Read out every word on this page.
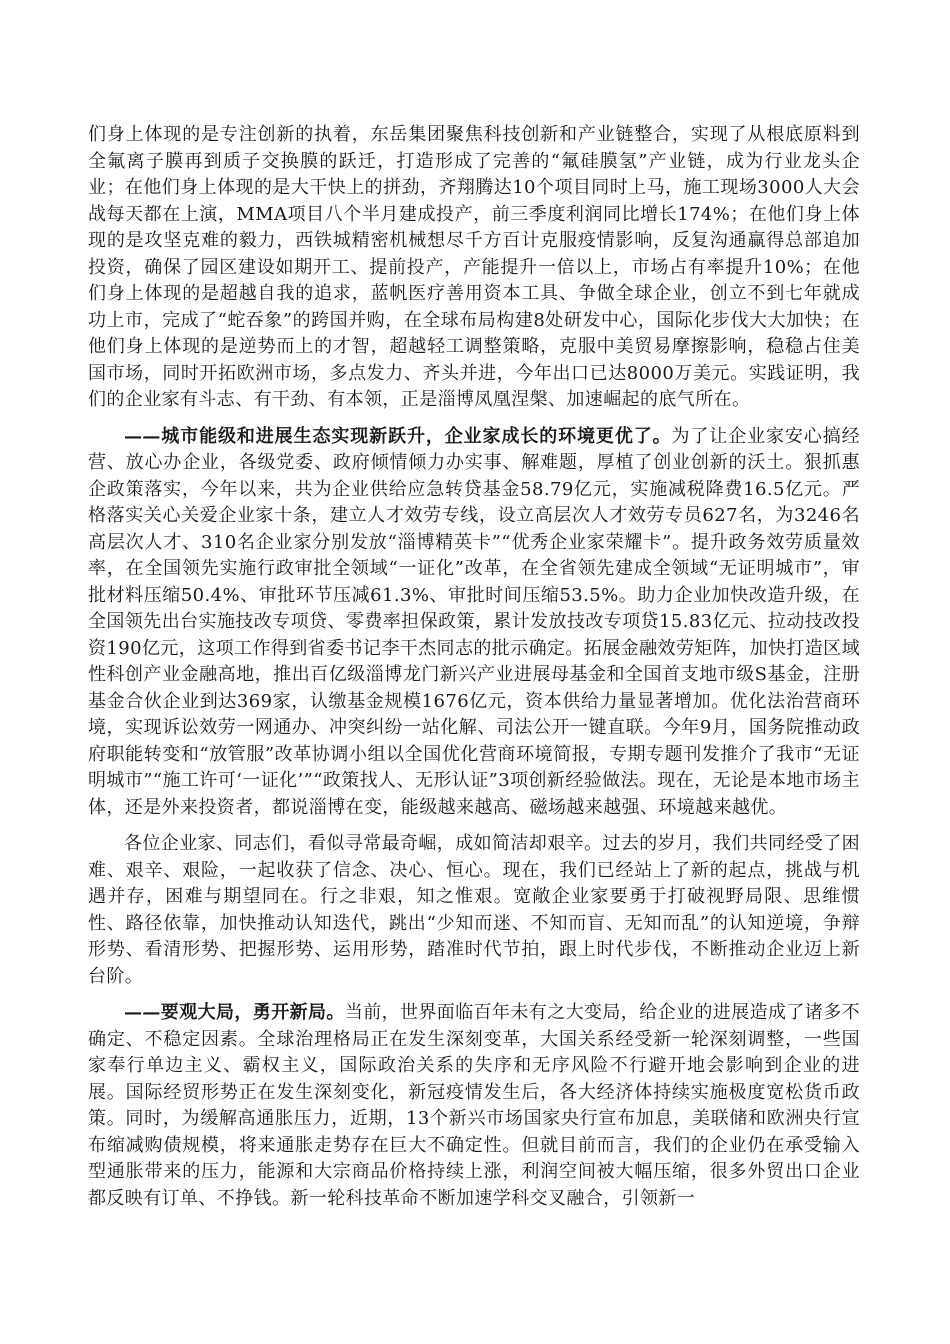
们身上体现的是专注创新的执着，东岳集团聚焦科技创新和产业链整合，实现了从根底原料到全氟离子膜再到质子交换膜的跃迁，打造形成了完善的“氟硅膜氢”产业链，成为行业龙头企业；在他们身上体现的是大干快上的拼劲，齐翔腾达10个项目同时上马，施工现场3000人大会战每天都在上演，MMA项目八个半月建成投产，前三季度利润同比增长174%；在他们身上体现的是攻坚克难的毅力，西铁城精密机械想尽千方百计克服疫情影响，反复沟通赢得总部追加投资，确保了园区建设如期开工、提前投产，产能提升一倍以上，市场占有率提升10%；在他们身上体现的是超越自我的追求，蓝帆医疗善用资本工具、争做全球企业，创立不到七年就成功上市，完成了“蛇吞象”的跨国并购，在全球布局构建8处研发中心，国际化步伐大大加快；在他们身上体现的是逆势而上的才智，超越轻工调整策略，克服中美贸易摩擦影响，稳稳占住美国市场，同时开拓欧洲市场，多点发力、齐头并进，今年出口已达8000万美元。实践证明，我们的企业家有斗志、有干劲、有本领，正是淄博凤凰涅槃、加速崛起的底气所在。

——城市能级和进展生态实现新跃升，企业家成长的环境更优了。为了让企业家安心搞经营、放心办企业，各级党委、政府倾情倾力办实事、解难题，厚植了创业创新的沃土。狠抓惠企政策落实，今年以来，共为企业供给应急转贷基金58.79亿元，实施减税降费16.5亿元。严格落实关心关爱企业家十条，建立人才效劳专线，设立高层次人才效劳专员627名，为3246名高层次人才、310名企业家分别发放“淄博精英卡”“优秀企业家荣耀卡”。提升政务效劳质量效率，在全国领先实施行政审批全领域“一证化”改革，在全省领先建成全领域“无证明城市”，审批材料压缩50.4%、审批环节压减61.3%、审批时间压缩53.5%。助力企业加快改造升级，在全国领先出台实施技改专项贷、零费率担保政策，累计发放技改专项贷15.83亿元、拉动技改投资190亿元，这项工作得到省委书记李干杰同志的批示确定。拓展金融效劳矩阵，加快打造区域性科创产业金融高地，推出百亿级淄博龙门新兴产业进展母基金和全国首支地市级S基金，注册基金合伙企业到达369家，认缴基金规模1676亿元，资本供给力量显著增加。优化法治营商环境，实现诉讼效劳一网通办、冲突纠纷一站化解、司法公开一键直联。今年9月，国务院推动政府职能转变和“放管服”改革协调小组以全国优化营商环境简报，专期专题刊发推介了我市“无证明城市”“施工许可‘一证化’”“政策找人、无形认证”3项创新经验做法。现在，无论是本地市场主体，还是外来投资者，都说淄博在变，能级越来越高、磁场越来越强、环境越来越优。

各位企业家、同志们，看似寻常最奇崛，成如简洁却艰辛。过去的岁月，我们共同经受了困难、艰辛、艰险，一起收获了信念、决心、恒心。现在，我们已经站上了新的起点，挑战与机遇并存，困难与期望同在。行之非艰，知之惟艰。宽敞企业家要勇于打破视野局限、思维惯性、路径依靠，加快推动认知迭代，跳出“少知而迷、不知而盲、无知而乱”的认知逆境，争辩形势、看清形势、把握形势、运用形势，踏准时代节拍，跟上时代步伐，不断推动企业迈上新台阶。

——要观大局，勇开新局。当前，世界面临百年未有之大变局，给企业的进展造成了诸多不确定、不稳定因素。全球治理格局正在发生深刻变革，大国关系经受新一轮深刻调整，一些国家奉行单边主义、霸权主义，国际政治关系的失序和无序风险不行避开地会影响到企业的进展。国际经贸形势正在发生深刻变化，新冠疫情发生后，各大经济体持续实施极度宽松货币政策。同时，为缓解高通胀压力，近期，13个新兴市场国家央行宣布加息，美联储和欧洲央行宣布缩减购债规模，将来通胀走势存在巨大不确定性。但就目前而言，我们的企业仍在承受输入型通胀带来的压力，能源和大宗商品价格持续上涨，利润空间被大幅压缩，很多外贸出口企业都反映有订单、不挣钱。新一轮科技革命不断加速学科交叉融合，引领新一
